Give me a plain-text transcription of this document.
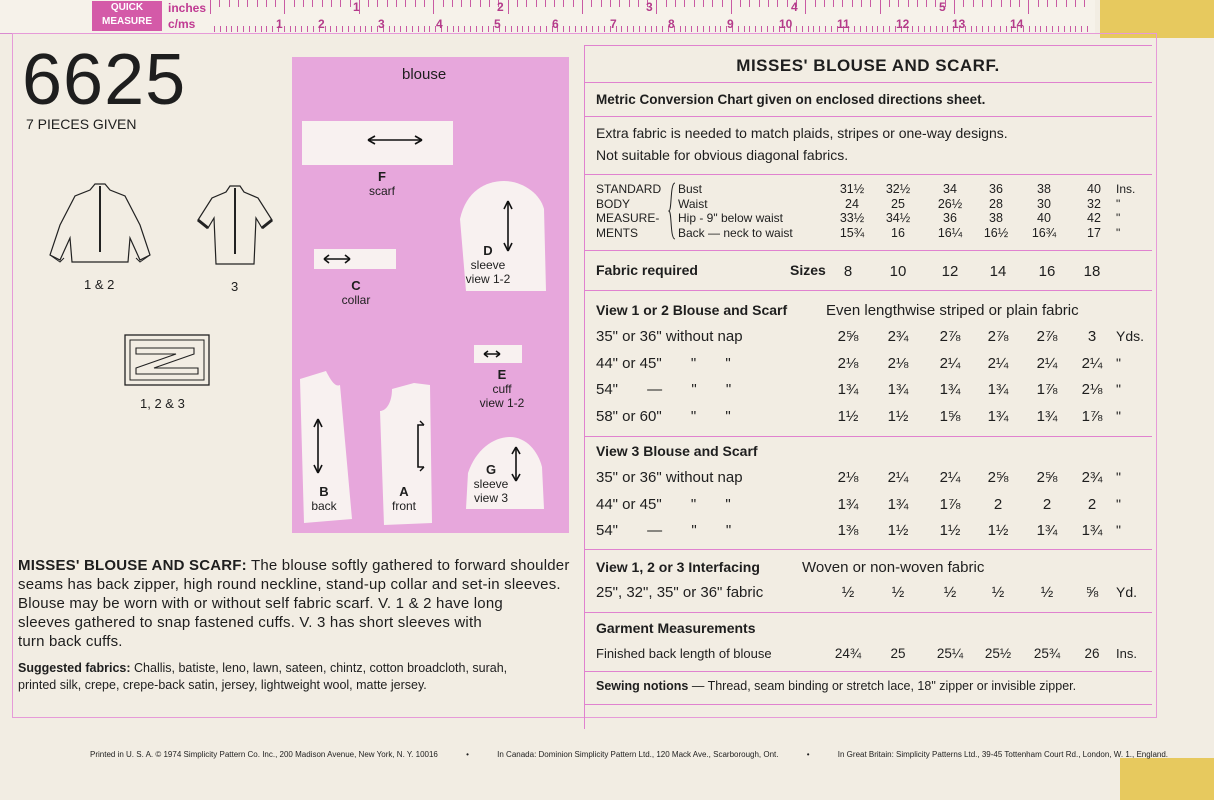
QUICK
MEASURE
inches
c/ms
1	2	3	4	5
1	2	3	4	5	6	7	8	9	10	11	12	13	14
6625
7 PIECES GIVEN
1 & 2	3
1, 2 & 3
blouse
F
scarf
C
collar
D
sleeve
view 1-2
E
cuff
view 1-2
B
back
A
front
G
sleeve
view 3
MISSES' BLOUSE AND SCARF: The blouse softly gathered to forward shoulder
seams has back zipper, high round neckline, stand-up collar and set-in sleeves.
Blouse may be worn with or without self fabric scarf. V. 1 & 2 have long
sleeves gathered to snap fastened cuffs. V. 3 has short sleeves with
turn back cuffs.
Suggested fabrics: Challis, batiste, leno, lawn, sateen, chintz, cotton broadcloth, surah,
printed silk, crepe, crepe-back satin, jersey, lightweight wool, matte jersey.
Printed in U. S. A. © 1974 Simplicity Pattern Co. Inc., 200 Madison Avenue, New York, N. Y. 10016	•	In Canada: Dominion Simplicity Pattern Ltd., 120 Mack Ave., Scarborough, Ont.	•	In Great Britain: Simplicity Patterns Ltd., 39-45 Tottenham Court Rd., London, W. 1., England.
MISSES' BLOUSE AND SCARF.
Metric Conversion Chart given on enclosed directions sheet.
Extra fabric is needed to match plaids, stripes or one-way designs.
Not suitable for obvious diagonal fabrics.
STANDARD
BODY
MEASURE-
MENTS
Bust	31½	32½	34	36	38	40	Ins.
Waist	24	25	26½	28	30	32	"
Hip - 9" below waist	33½	34½	36	38	40	42	"
Back — neck to waist	15¾	16	16¼	16½	16¾	17	"
Fabric required	Sizes	8	10	12	14	16	18
View 1 or 2 Blouse and Scarf	Even lengthwise striped or plain fabric
35" or 36" without nap	2⅝	2¾	2⅞	2⅞	2⅞	3	Yds.
44" or 45"       "       "	2⅛	2⅛	2¼	2¼	2¼	2¼ "
54"       —       "       "	1¾	1¾	1¾	1¾	1⅞	2⅛ "
58" or 60"       "       "	1½	1½	1⅝	1¾	1¾	1⅞ "
View 3 Blouse and Scarf
35" or 36" without nap	2⅛	2¼	2¼	2⅝	2⅝	2¾ "
44" or 45"       "       "	1¾	1¾	1⅞	2	2	2	"
54"       —       "       "	1⅜	1½	1½	1½	1¾	1¾ "
View 1, 2 or 3 Interfacing	Woven or non-woven fabric
25", 32", 35" or 36" fabric	½	½	½	½	½	⅝	Yd.
Garment Measurements
Finished back length of blouse	24¾	25	25¼	25½	25¾	26	Ins.
Sewing notions — Thread, seam binding or stretch lace, 18" zipper or invisible zipper.
